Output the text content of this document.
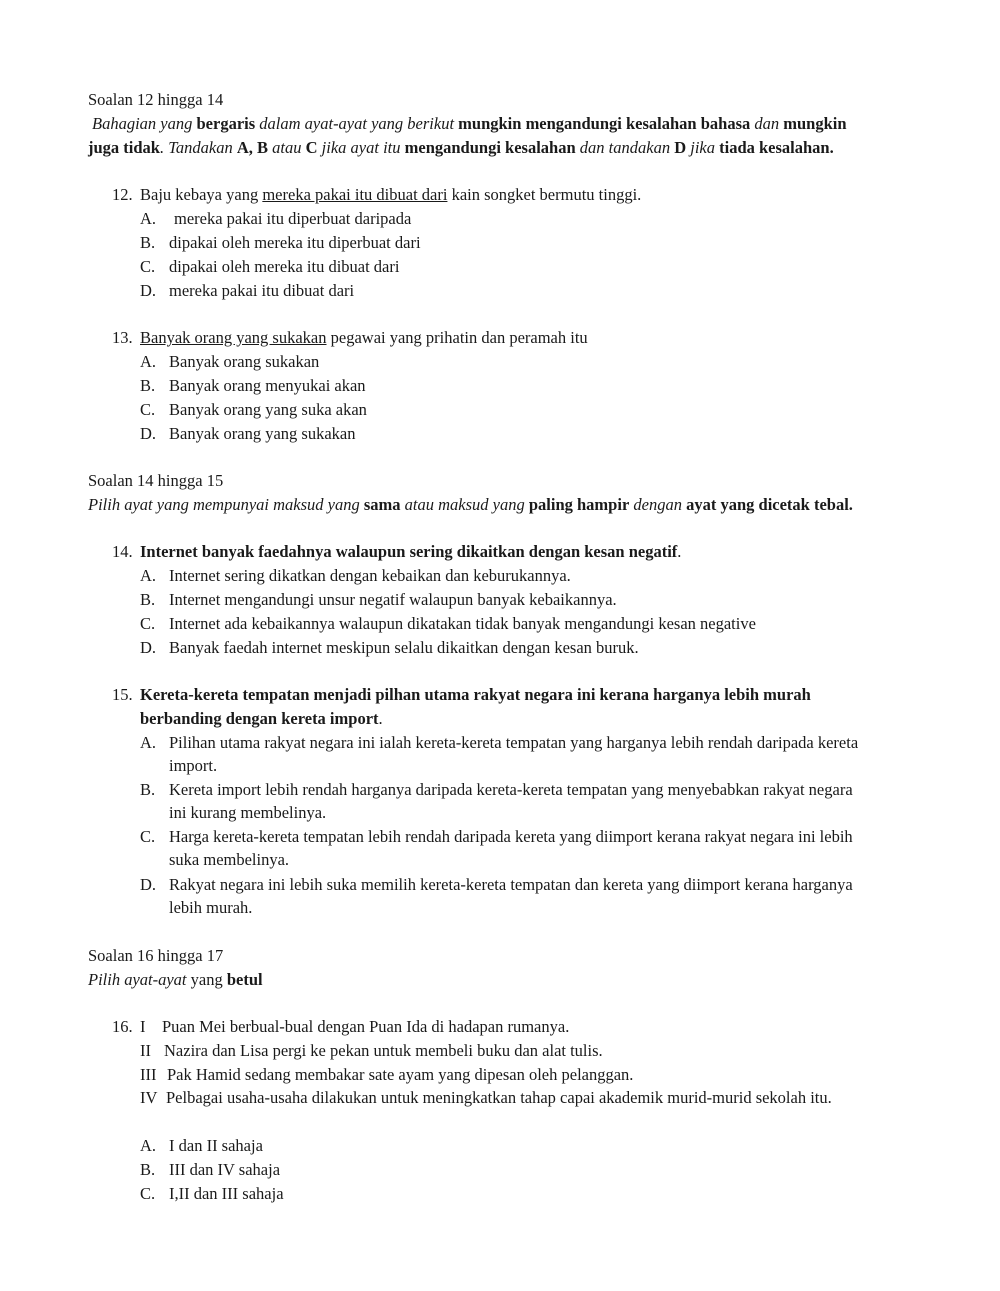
Soalan 12 hingga 14
Bahagian yang bergaris dalam ayat-ayat yang berikut mungkin mengandungi kesalahan bahasa dan mungkin
juga tidak. Tandakan A, B atau C jika ayat itu mengandungi kesalahan dan tandakan D jika tiada kesalahan.
12. Baju kebaya yang mereka pakai itu dibuat dari kain songket bermutu tinggi.
A. mereka pakai itu diperbuat daripada
B. dipakai oleh mereka itu diperbuat dari
C. dipakai oleh mereka itu dibuat dari
D. mereka pakai itu dibuat dari
13. Banyak orang yang sukakan pegawai yang prihatin dan peramah itu
A. Banyak orang sukakan
B. Banyak orang menyukai akan
C. Banyak orang yang suka akan
D. Banyak orang yang sukakan
Soalan 14 hingga 15
Pilih ayat yang mempunyai maksud yang sama atau maksud yang paling hampir dengan ayat yang dicetak tebal.
14. Internet banyak faedahnya walaupun sering dikaitkan dengan kesan negatif.
A. Internet sering dikatkan dengan kebaikan dan keburukannya.
B. Internet mengandungi unsur negatif walaupun banyak kebaikannya.
C. Internet ada kebaikannya walaupun dikatakan tidak banyak mengandungi kesan negative
D. Banyak faedah internet meskipun selalu dikaitkan dengan kesan buruk.
15. Kereta-kereta tempatan menjadi pilhan utama rakyat negara ini kerana harganya lebih murah
berbanding dengan kereta import.
A. Pilihan utama rakyat negara ini ialah kereta-kereta tempatan yang harganya lebih rendah daripada kereta
import.
B. Kereta import lebih rendah harganya daripada kereta-kereta tempatan yang menyebabkan rakyat negara
ini kurang membelinya.
C. Harga kereta-kereta tempatan lebih rendah daripada kereta yang diimport kerana rakyat negara ini lebih
suka membelinya.
D. Rakyat negara ini lebih suka memilih kereta-kereta tempatan dan kereta yang diimport kerana harganya
lebih murah.
Soalan 16 hingga 17
Pilih ayat-ayat yang betul
16. I Puan Mei berbual-bual dengan Puan Ida di hadapan rumanya.
II Nazira dan Lisa pergi ke pekan untuk membeli buku dan alat tulis.
III Pak Hamid sedang membakar sate ayam yang dipesan oleh pelanggan.
IV Pelbagai usaha-usaha dilakukan untuk meningkatkan tahap capai akademik murid-murid sekolah itu.
A. I dan II sahaja
B. III dan IV sahaja
C. I,II dan III sahaja
